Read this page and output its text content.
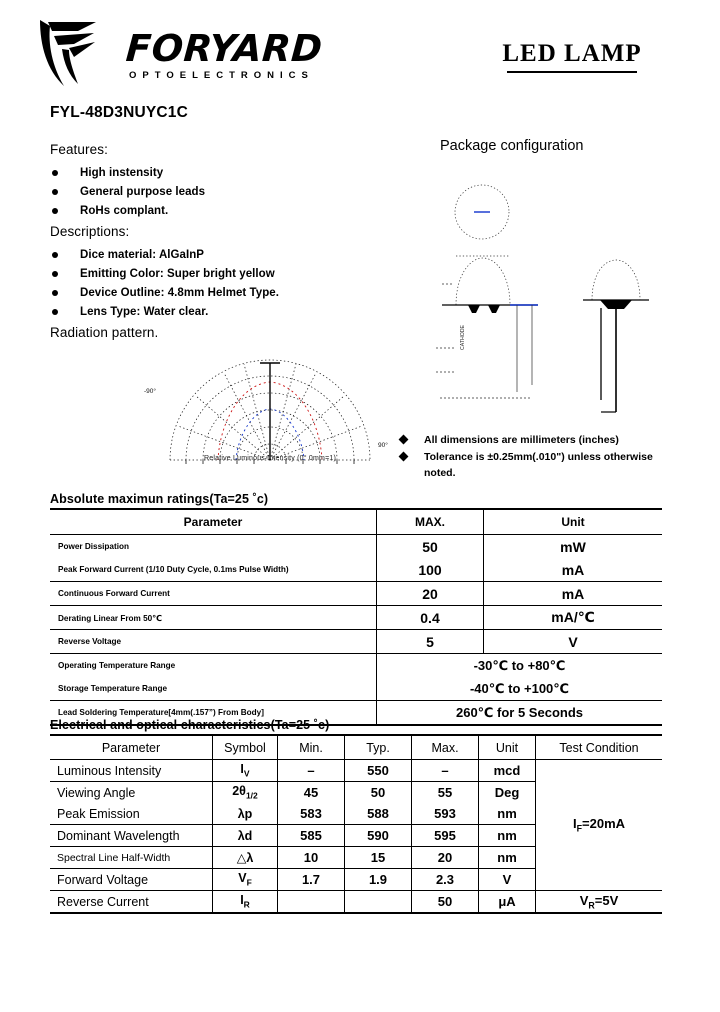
FORYARD
OPTOELECTRONICS
LED LAMP
FYL-48D3NUYC1C
Features:
High instensity
General purpose leads
RoHs complant.
Descriptions:
Dice material: AlGaInP
Emitting Color: Super bright yellow
Device Outline: 4.8mm Helmet Type.
Lens Type: Water clear.
Radiation pattern.
-90°
90°
Relative Luminous Intensity (0° 0mm=1)
Package configuration
CATHODE
All dimensions are millimeters (inches)
Tolerance is ±0.25mm(.010") unless otherwise noted.
Absolute maximun ratings(Ta=25 ˚c)
Parameter	MAX.	Unit
Power Dissipation	50	mW
Peak Forward Current (1/10 Duty Cycle, 0.1ms Pulse Width)	100	mA
Continuous Forward Current	20	mA
Derating Linear From 50℃	0.4	mA/℃
Reverse Voltage	5	V
Operating Temperature Range	-30℃ to +80℃	
Storage Temperature Range	-40℃ to +100℃	
Lead Soldering Temperature[4mm(.157”) From Body]	260℃ for 5 Seconds	
Electrical and optical characteristics(Ta=25 ˚c)
Parameter	Symbol	Min.	Typ.	Max.	Unit	Test Condition
Luminous Intensity	$I_V$	–	550	–	mcd	$I_F=20mA$
Viewing Angle	$2\theta_{1/2}$	45	50	55	Deg	
Peak Emission	λp	583	588	593	nm	
Dominant Wavelength	λd	585	590	595	nm	
Spectral Line Half-Width	△λ	10	15	20	nm	
Forward Voltage	$V_F$	1.7	1.9	2.3	V	
Reverse Current	$I_R$			50	μA	$V_R=5V$
